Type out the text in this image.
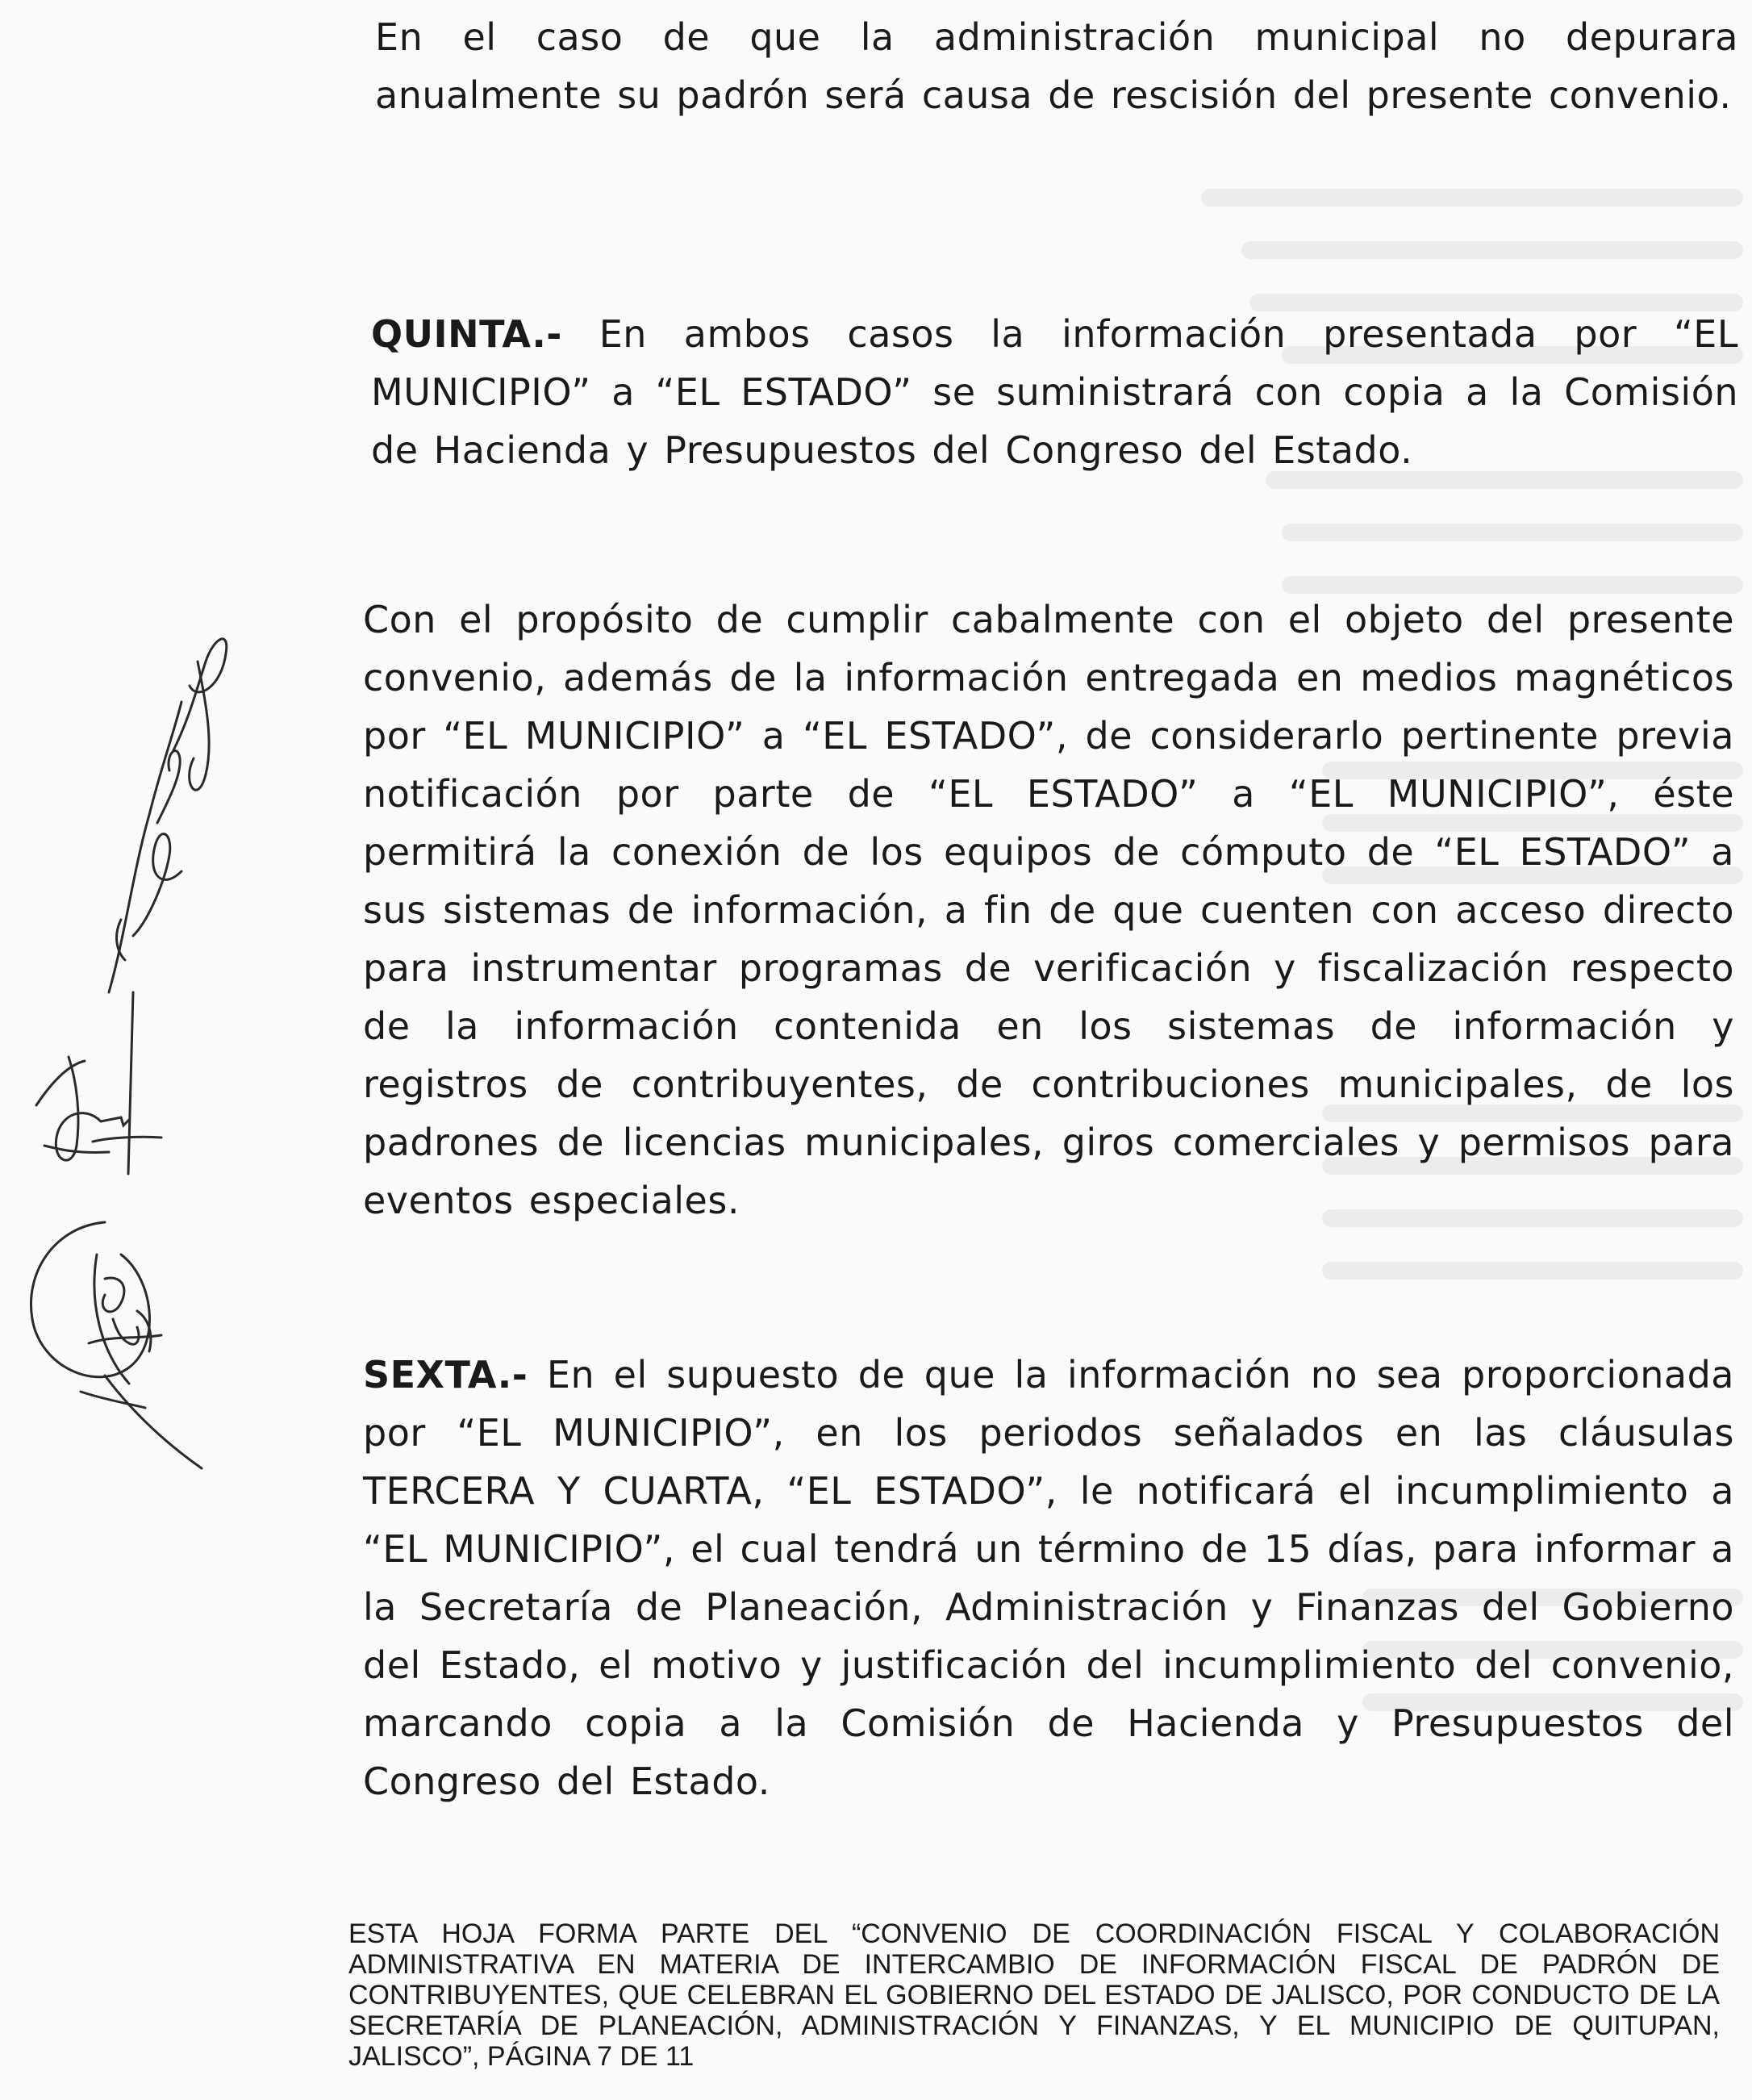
En el caso de que la administración municipal no depurara anualmente su padrón será causa de rescisión del presente convenio.

QUINTA.- En ambos casos la información presentada por “EL MUNICIPIO” a “EL ESTADO” se suministrará con copia a la Comisión de Hacienda y Presupuestos del Congreso del Estado.

Con el propósito de cumplir cabalmente con el objeto del presente convenio, además de la información entregada en medios magnéticos por “EL MUNICIPIO” a “EL ESTADO”, de considerarlo pertinente previa notificación por parte de “EL ESTADO” a “EL MUNICIPIO”, éste permitirá la conexión de los equipos de cómputo de “EL ESTADO” a sus sistemas de información, a fin de que cuenten con acceso directo para instrumentar programas de verificación y fiscalización respecto de la información contenida en los sistemas de información y registros de contribuyentes, de contribuciones municipales, de los padrones de licencias municipales, giros comerciales y permisos para eventos especiales.

SEXTA.- En el supuesto de que la información no sea proporcionada por “EL MUNICIPIO”, en los periodos señalados en las cláusulas TERCERA Y CUARTA, “EL ESTADO”, le notificará el incumplimiento a “EL MUNICIPIO”, el cual tendrá un término de 15 días, para informar a la Secretaría de Planeación, Administración y Finanzas del Gobierno del Estado, el motivo y justificación del incumplimiento del convenio, marcando copia a la Comisión de Hacienda y Presupuestos del Congreso del Estado.

ESTA HOJA FORMA PARTE DEL “CONVENIO DE COORDINACIÓN FISCAL Y COLABORACIÓN ADMINISTRATIVA EN MATERIA DE INTERCAMBIO DE INFORMACIÓN FISCAL DE PADRÓN DE CONTRIBUYENTES, QUE CELEBRAN EL GOBIERNO DEL ESTADO DE JALISCO, POR CONDUCTO DE LA SECRETARÍA DE PLANEACIÓN, ADMINISTRACIÓN Y FINANZAS, Y EL MUNICIPIO DE QUITUPAN, JALISCO”, PÁGINA 7 DE 11
